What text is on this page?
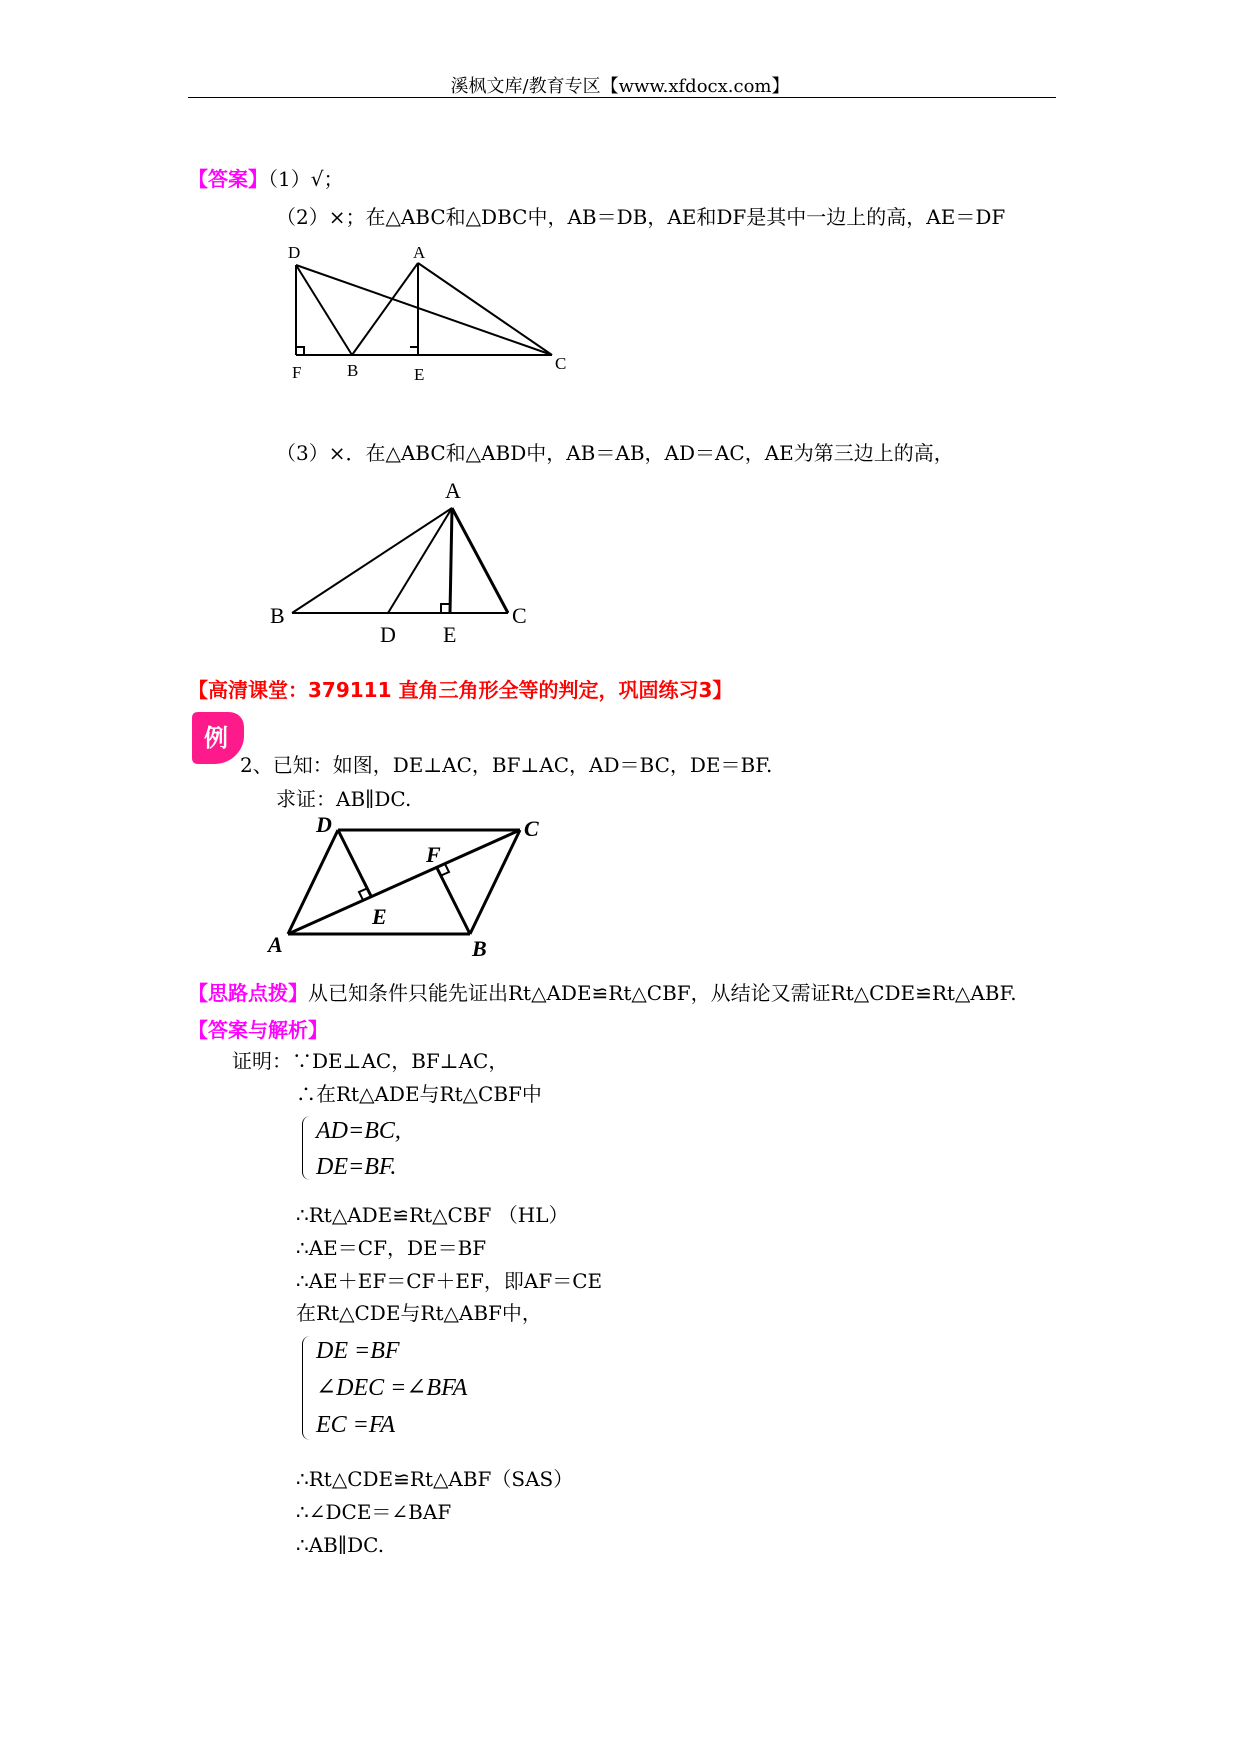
溪枫文库/教育专区【www.xfdocx.com】
【答案】（1）√；
（2）×；在△ABC和△DBC中，AB＝DB，AE和DF是其中一边上的高，AE＝DF
D	A
F	B	E
C
（3）×．在△ABC和△ABD中，AB＝AB，AD＝AC，AE为第三边上的高，
A
B
D E
C
【高清课堂：379111 直角三角形全等的判定，巩固练习3】
例
2、已知：如图，DE⊥AC，BF⊥AC，AD＝BC，DE＝BF.
求证：AB∥DC.
D	C
F
E
A	B
【思路点拨】从已知条件只能先证出Rt△ADE≌Rt△CBF，从结论又需证Rt△CDE≌Rt△ABF.
【答案与解析】
证明：∵DE⊥AC，BF⊥AC，
∴在Rt△ADE与Rt△CBF中
AD=BC,
DE=BF.
∴Rt△ADE≌Rt△CBF （HL）
∴AE＝CF，DE＝BF
∴AE＋EF＝CF＋EF，即AF＝CE
在Rt△CDE与Rt△ABF中，
DE =BF
∠DEC =∠BFA
EC =FA
∴Rt△CDE≌Rt△ABF（SAS）
∴∠DCE＝∠BAF
∴AB∥DC.
